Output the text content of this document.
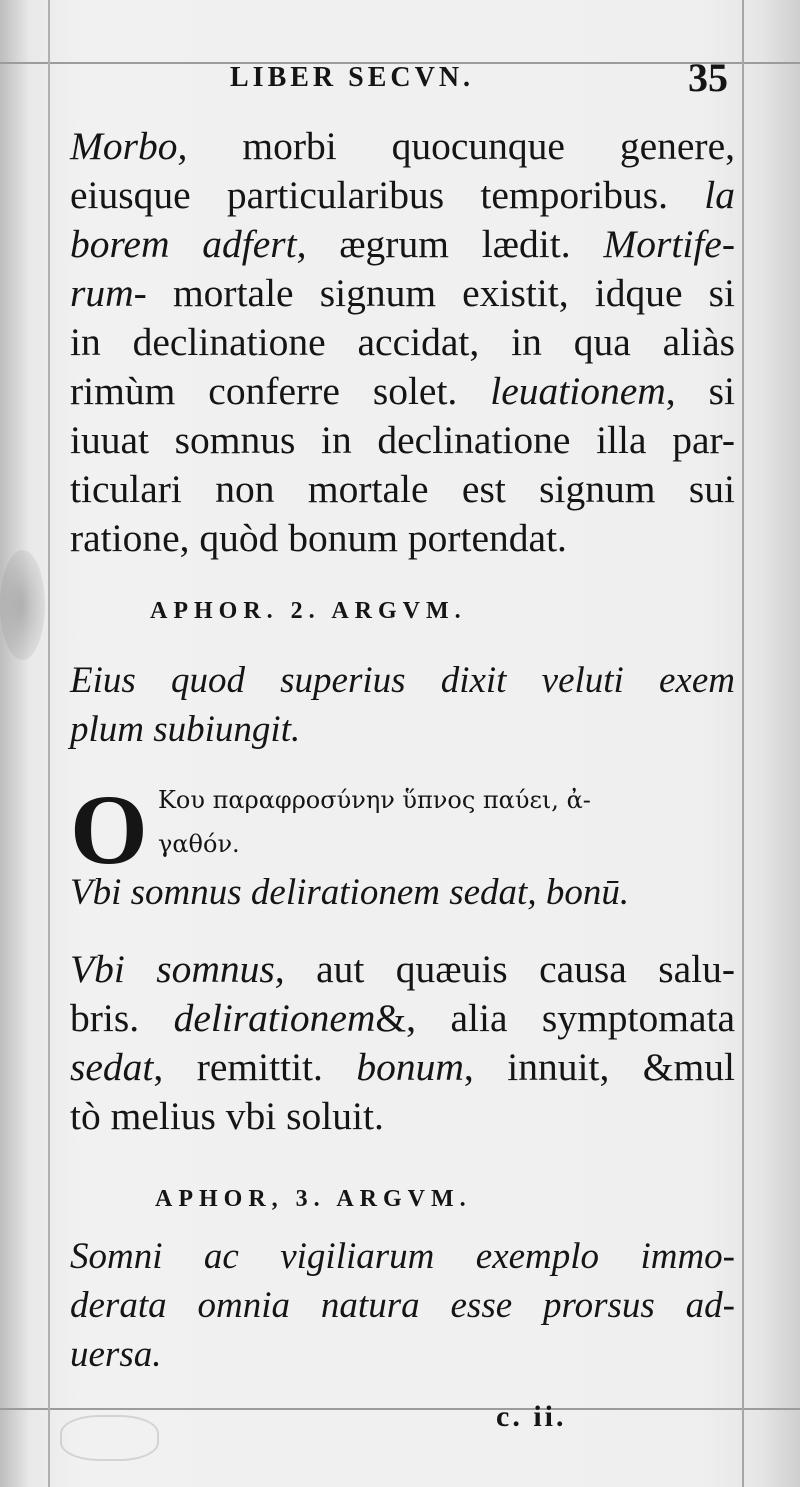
LIBER SECVN.	35
Morbo, morbi quocunque genere,
eiusque particularibus temporibus. la
borem adfert, ægrum lædit. Mortife-
rum- mortale signum existit, idque si
in declinatione accidat, in qua aliàs
rimùm conferre solet. leuationem, si
iuuat somnus in declinatione illa par-
ticulari non mortale est signum sui
ratione, quòd bonum portendat.
APHOR. 2. ARGVM.
Eius quod superius dixit veluti exem
plum subiungit.
O Κου παραφροσύνην ὕπνος παύει, ἀ-
γαθόν.
Vbi somnus delirationem sedat, bonū.
Vbi somnus, aut quæuis causa salu-
bris. delirationem&, alia symptomata
sedat, remittit. bonum, innuit, &mul
tò melius vbi soluit.
APHOR, 3. ARGVM.
Somni ac vigiliarum exemplo immo-
derata omnia natura esse prorsus ad-
uersa.
c. ii.
